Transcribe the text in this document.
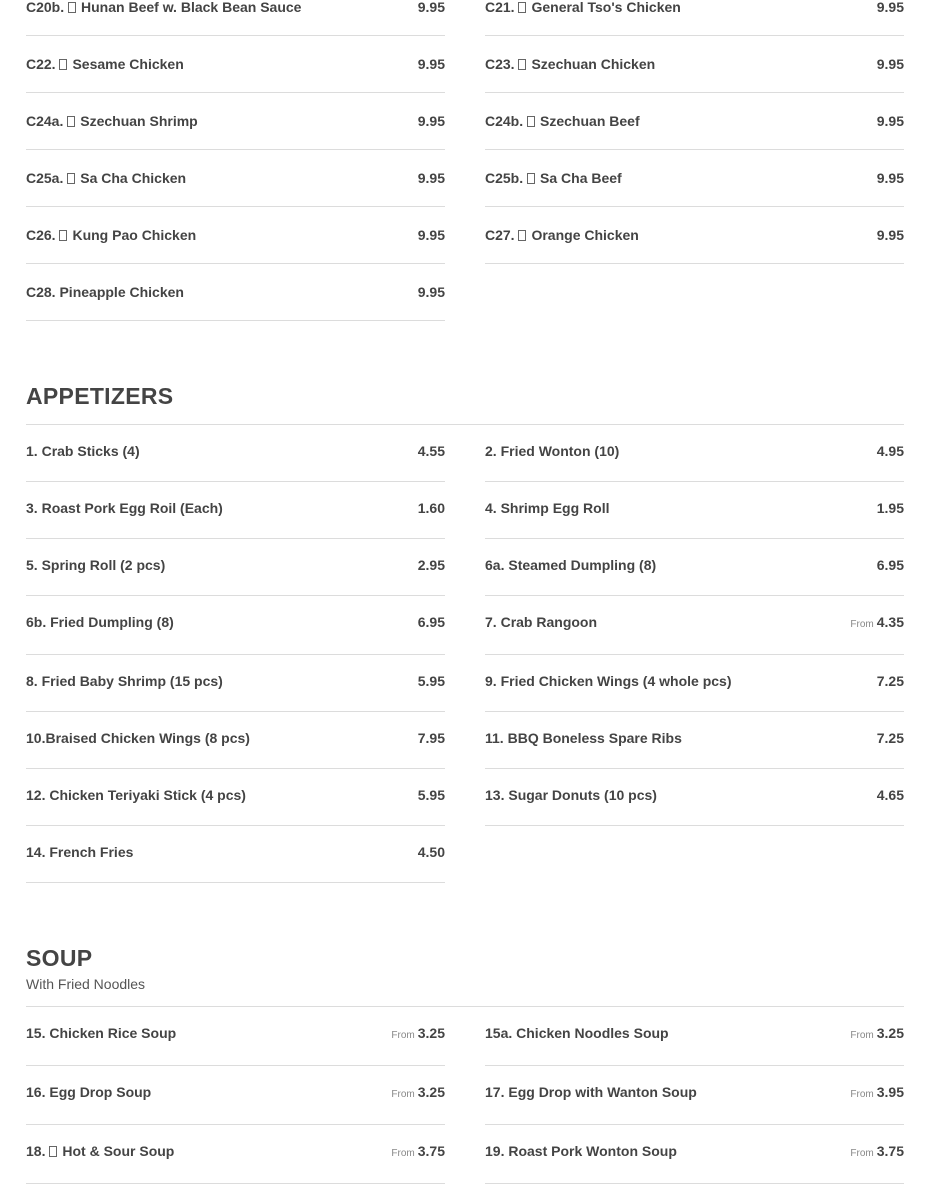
C20b. Hunan Beef w. Black Bean Sauce	9.95	C21. General Tso's Chicken	9.95
C22. Sesame Chicken	9.95	C23. Szechuan Chicken	9.95
C24a. Szechuan Shrimp	9.95	C24b. Szechuan Beef	9.95
C25a. Sa Cha Chicken	9.95	C25b. Sa Cha Beef	9.95
C26. Kung Pao Chicken	9.95	C27. Orange Chicken	9.95
C28. Pineapple Chicken	9.95
APPETIZERS
1. Crab Sticks (4)	4.55	2. Fried Wonton (10)	4.95
3. Roast Pork Egg Roil (Each)	1.60	4. Shrimp Egg Roll	1.95
5. Spring Roll (2 pcs)	2.95	6a. Steamed Dumpling (8)	6.95
6b. Fried Dumpling (8)	6.95	7. Crab Rangoon	From 4.35
8. Fried Baby Shrimp (15 pcs)	5.95	9. Fried Chicken Wings (4 whole pcs)	7.25
10.Braised Chicken Wings (8 pcs)	7.95	11. BBQ Boneless Spare Ribs	7.25
12. Chicken Teriyaki Stick (4 pcs)	5.95	13. Sugar Donuts (10 pcs)	4.65
14. French Fries	4.50
SOUP
With Fried Noodles
15. Chicken Rice Soup	From 3.25	15a. Chicken Noodles Soup	From 3.25
16. Egg Drop Soup	From 3.25	17. Egg Drop with Wanton Soup	From 3.95
18. Hot & Sour Soup	From 3.75	19. Roast Pork Wonton Soup	From 3.75
